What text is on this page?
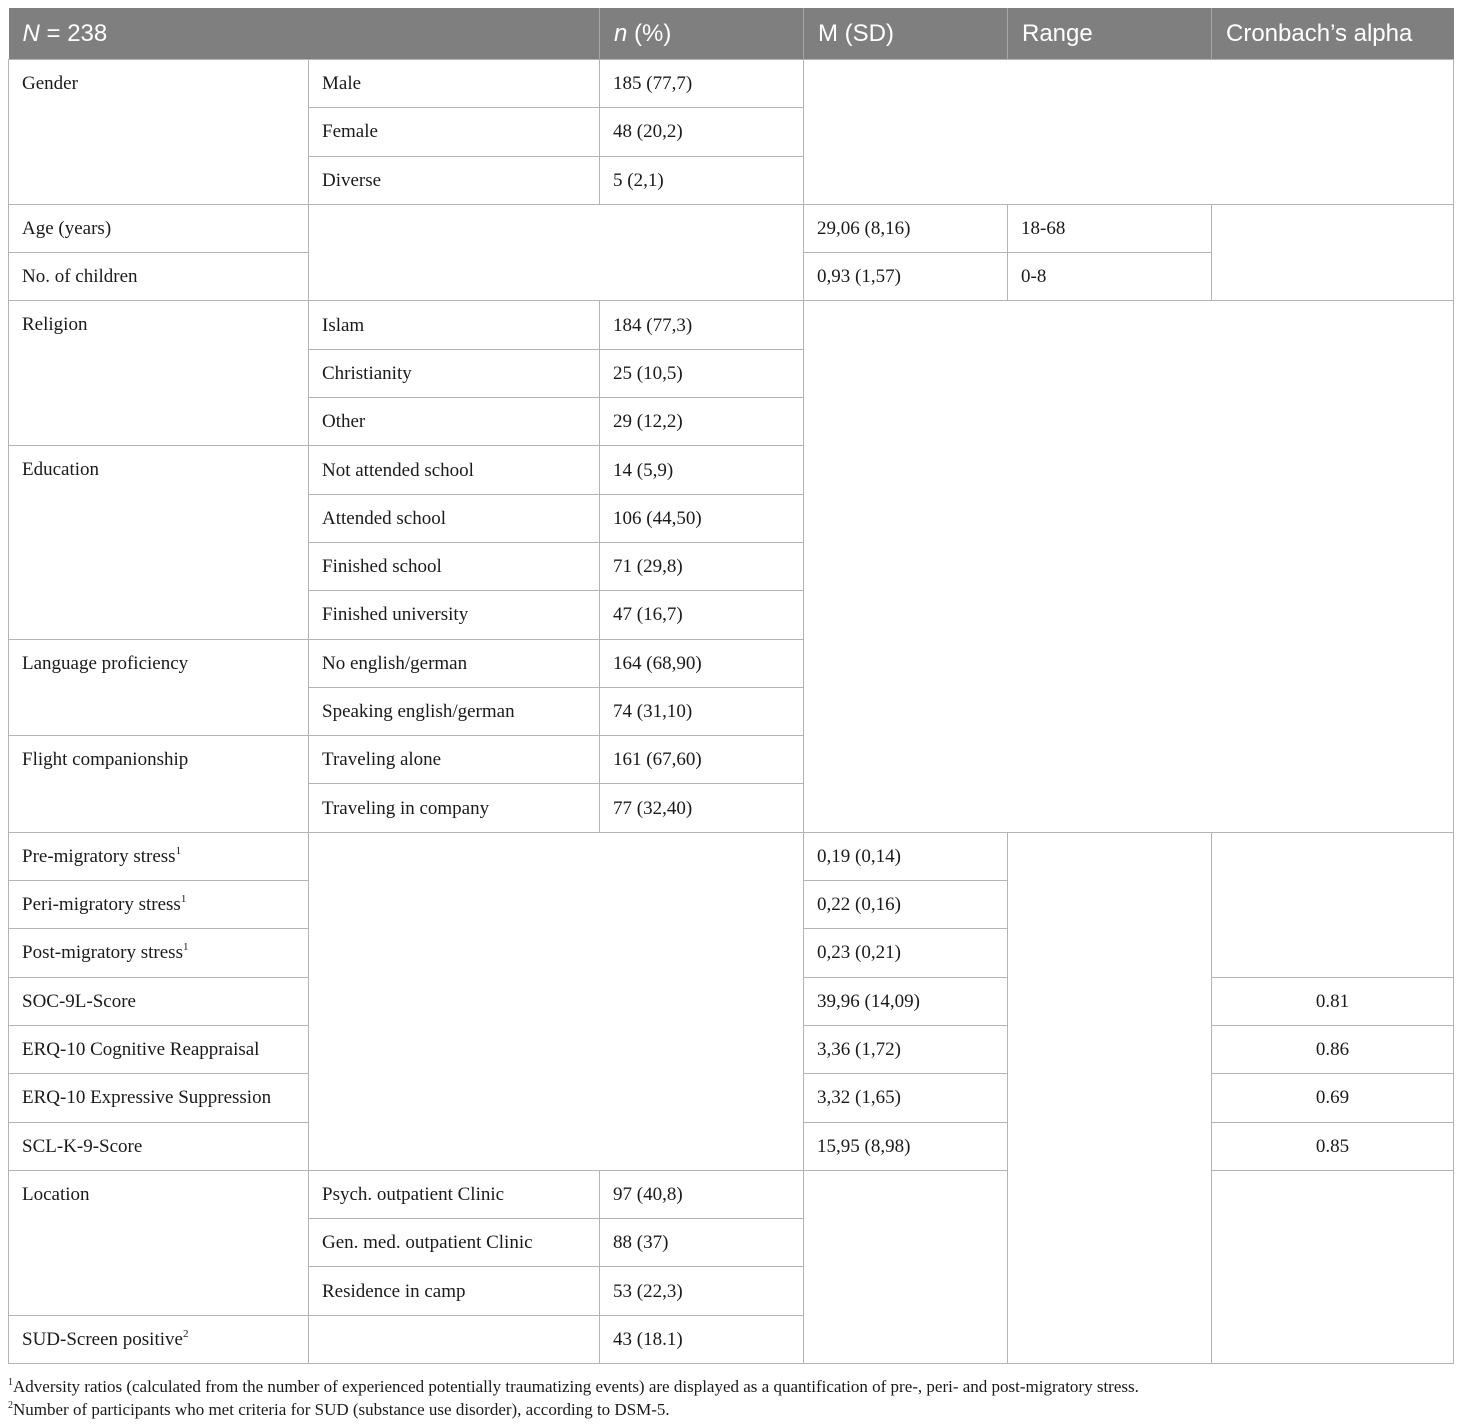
N = 238		n (%)	M (SD)	Range	Cronbach’s alpha
Gender	Male	185 (77,7)			
	Female	48 (20,2)			
	Diverse	5 (2,1)			
Age (years)			29,06 (8,16)	18-68	
No. of children			0,93 (1,57)	0-8	
Religion	Islam	184 (77,3)			
	Christianity	25 (10,5)			
	Other	29 (12,2)			
Education	Not attended school	14 (5,9)			
	Attended school	106 (44,50)			
	Finished school	71 (29,8)			
	Finished university	47 (16,7)			
Language proficiency	No english/german	164 (68,90)			
	Speaking english/german	74 (31,10)			
Flight companionship	Traveling alone	161 (67,60)			
	Traveling in company	77 (32,40)			
Pre-migratory stress$^1$			0,19 (0,14)		
Peri-migratory stress$^1$			0,22 (0,16)		
Post-migratory stress$^1$			0,23 (0,21)		
SOC-9L-Score			39,96 (14,09)		0.81
ERQ-10 Cognitive Reappraisal			3,36 (1,72)		0.86
ERQ-10 Expressive Suppression			3,32 (1,65)		0.69
SCL-K-9-Score			15,95 (8,98)		0.85
Location	Psych. outpatient Clinic	97 (40,8)			
	Gen. med. outpatient Clinic	88 (37)			
	Residence in camp	53 (22,3)			
SUD-Screen positive$^2$		43 (18.1)			
$^1$Adversity ratios (calculated from the number of experienced potentially traumatizing events) are displayed as a quantification of pre-, peri- and post-migratory stress.
$^2$Number of participants who met criteria for SUD (substance use disorder), according to DSM-5.
